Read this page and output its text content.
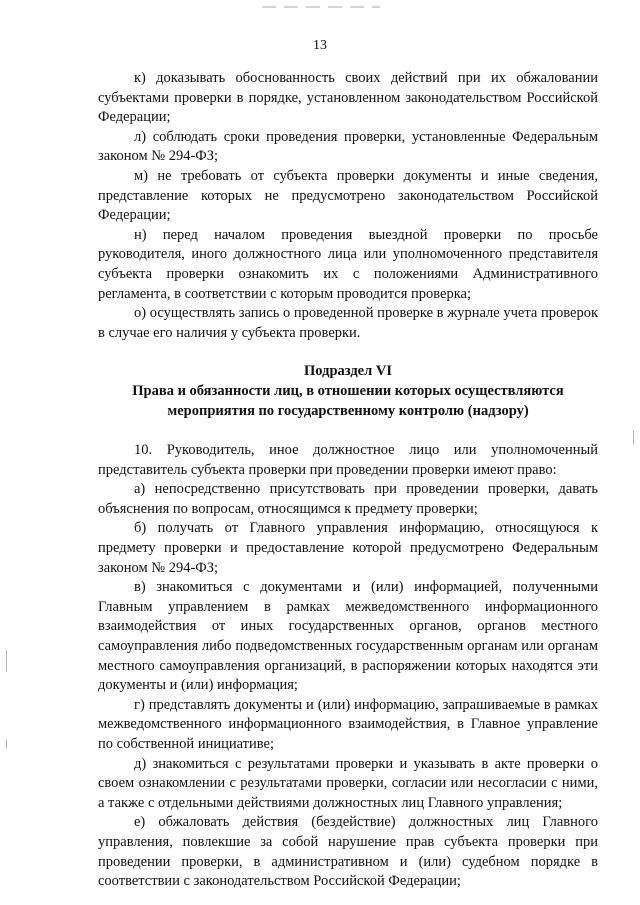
13

к) доказывать обоснованность своих действий при их обжаловании субъектами проверки в порядке, установленном законодательством Российской Федерации;

л) соблюдать сроки проведения проверки, установленные Федеральным законом № 294-ФЗ;

м) не требовать от субъекта проверки документы и иные сведения, представление которых не предусмотрено законодательством Российской Федерации;

н) перед началом проведения выездной проверки по просьбе руководителя, иного должностного лица или уполномоченного представителя субъекта проверки ознакомить их с положениями Административного регламента, в соответствии с которым проводится проверка;

о) осуществлять запись о проведенной проверке в журнале учета проверок в случае его наличия у субъекта проверки.

Подраздел VI

Права и обязанности лиц, в отношении которых осуществляются

мероприятия по государственному контролю (надзору)

10. Руководитель, иное должностное лицо или уполномоченный представитель субъекта проверки при проведении проверки имеют право:

а) непосредственно присутствовать при проведении проверки, давать объяснения по вопросам, относящимся к предмету проверки;

б) получать от Главного управления информацию, относящуюся к предмету проверки и предоставление которой предусмотрено Федеральным законом № 294-ФЗ;

в) знакомиться с документами и (или) информацией, полученными Главным управлением в рамках межведомственного информационного взаимодействия от иных государственных органов, органов местного самоуправления либо подведомственных государственным органам или органам местного самоуправления организаций, в распоряжении которых находятся эти документы и (или) информация;

г) представлять документы и (или) информацию, запрашиваемые в рамках межведомственного информационного взаимодействия, в Главное управление по собственной инициативе;

д) знакомиться с результатами проверки и указывать в акте проверки о своем ознакомлении с результатами проверки, согласии или несогласии с ними, а также с отдельными действиями должностных лиц Главного управления;

е) обжаловать действия (бездействие) должностных лиц Главного управления, повлекшие за собой нарушение прав субъекта проверки при проведении проверки, в административном и (или) судебном порядке в соответствии с законодательством Российской Федерации;
